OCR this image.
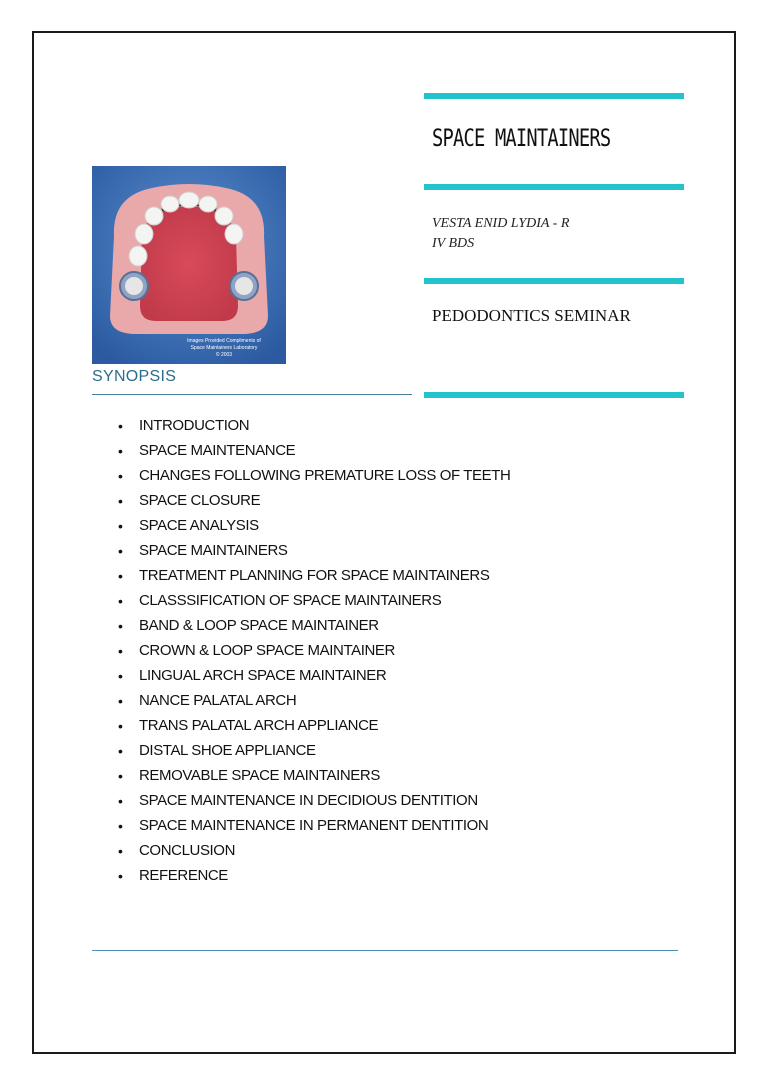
SPACE MAINTAINERS
VESTA ENID LYDIA - R
IV BDS
PEDODONTICS SEMINAR
Images Provided Compliments of
Space Maintainers Laboratory
© 2003
SYNOPSIS
• INTRODUCTION
• SPACE MAINTENANCE
• CHANGES FOLLOWING PREMATURE LOSS OF TEETH
• SPACE CLOSURE
• SPACE ANALYSIS
• SPACE MAINTAINERS
• TREATMENT PLANNING FOR SPACE MAINTAINERS
• CLASSSIFICATION OF SPACE MAINTAINERS
• BAND & LOOP SPACE MAINTAINER
• CROWN & LOOP SPACE MAINTAINER
• LINGUAL ARCH SPACE MAINTAINER
• NANCE PALATAL ARCH
• TRANS PALATAL ARCH APPLIANCE
• DISTAL SHOE APPLIANCE
• REMOVABLE SPACE MAINTAINERS
• SPACE MAINTENANCE IN DECIDIOUS DENTITION
• SPACE MAINTENANCE IN PERMANENT DENTITION
• CONCLUSION
• REFERENCE
